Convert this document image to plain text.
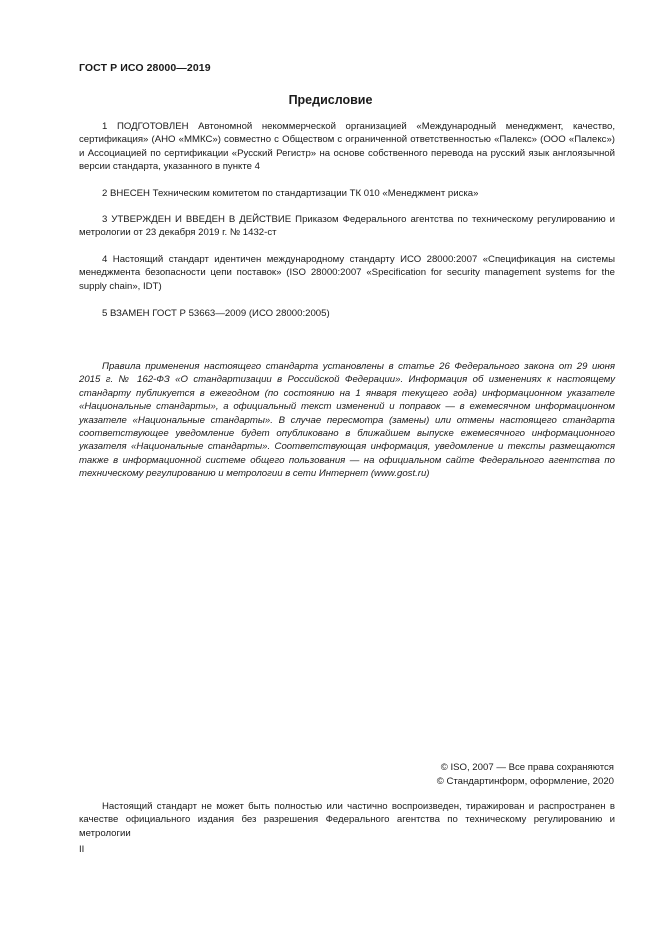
ГОСТ Р ИСО 28000—2019
Предисловие

1 ПОДГОТОВЛЕН Автономной некоммерческой организацией «Международный менеджмент, качество, сертификация» (АНО «ММКС») совместно с Обществом с ограниченной ответственностью «Палекс» (ООО «Палекс») и Ассоциацией по сертификации «Русский Регистр» на основе собственного перевода на русский язык англоязычной версии стандарта, указанного в пункте 4

2 ВНЕСЕН Техническим комитетом по стандартизации ТК 010 «Менеджмент риска»

3 УТВЕРЖДЕН И ВВЕДЕН В ДЕЙСТВИЕ Приказом Федерального агентства по техническому регулированию и метрологии от 23 декабря 2019 г. № 1432-ст

4 Настоящий стандарт идентичен международному стандарту ИСО 28000:2007 «Спецификация на системы менеджмента безопасности цепи поставок» (ISO 28000:2007 «Specification for security management systems for the supply chain», IDT)

5 ВЗАМЕН ГОСТ Р 53663—2009 (ИСО 28000:2005)

Правила применения настоящего стандарта установлены в статье 26 Федерального закона от 29 июня 2015 г. № 162-ФЗ «О стандартизации в Российской Федерации». Информация об изменениях к настоящему стандарту публикуется в ежегодном (по состоянию на 1 января текущего года) информационном указателе «Национальные стандарты», а официальный текст изменений и поправок — в ежемесячном информационном указателе «Национальные стандарты». В случае пересмотра (замены) или отмены настоящего стандарта соответствующее уведомление будет опубликовано в ближайшем выпуске ежемесячного информационного указателя «Национальные стандарты». Соответствующая информация, уведомление и тексты размещаются также в информационной системе общего пользования — на официальном сайте Федерального агентства по техническому регулированию и метрологии в сети Интернет (www.gost.ru)

© ISO, 2007 — Все права сохраняются
© Стандартинформ, оформление, 2020

Настоящий стандарт не может быть полностью или частично воспроизведен, тиражирован и распространен в качестве официального издания без разрешения Федерального агентства по техническому регулированию и метрологии

II
